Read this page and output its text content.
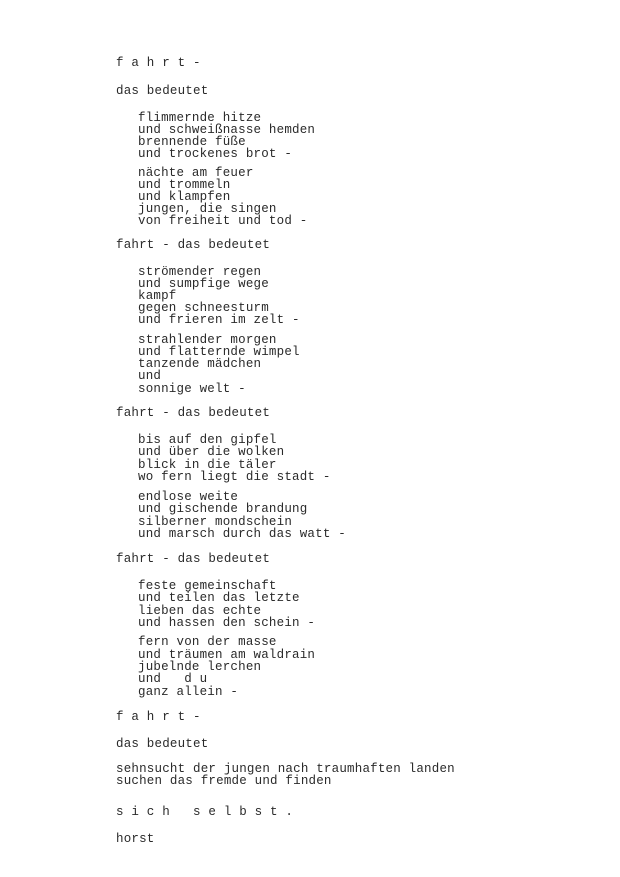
f a h r t -
das bedeutet
flimmernde hitze
und schweißnasse hemden
brennende füße
und trockenes brot -
nächte am feuer
und trommeln
und klampfen
jungen, die singen
von freiheit und tod -
fahrt - das bedeutet
strömender regen
und sumpfige wege
kampf
gegen schneesturm
und frieren im zelt -
strahlender morgen
und flatternde wimpel
tanzende mädchen
und
sonnige welt -
fahrt - das bedeutet
bis auf den gipfel
und über die wolken
blick in die täler
wo fern liegt die stadt -
endlose weite
und gischende brandung
silberner mondschein
und marsch durch das watt -
fahrt - das bedeutet
feste gemeinschaft
und teilen das letzte
lieben das echte
und hassen den schein -
fern von der masse
und träumen am waldrain
jubelnde lerchen
und   d u
ganz allein -
f a h r t -
das bedeutet
sehnsucht der jungen nach traumhaften landen
suchen das fremde und finden
s i c h   s e l b s t .
horst
